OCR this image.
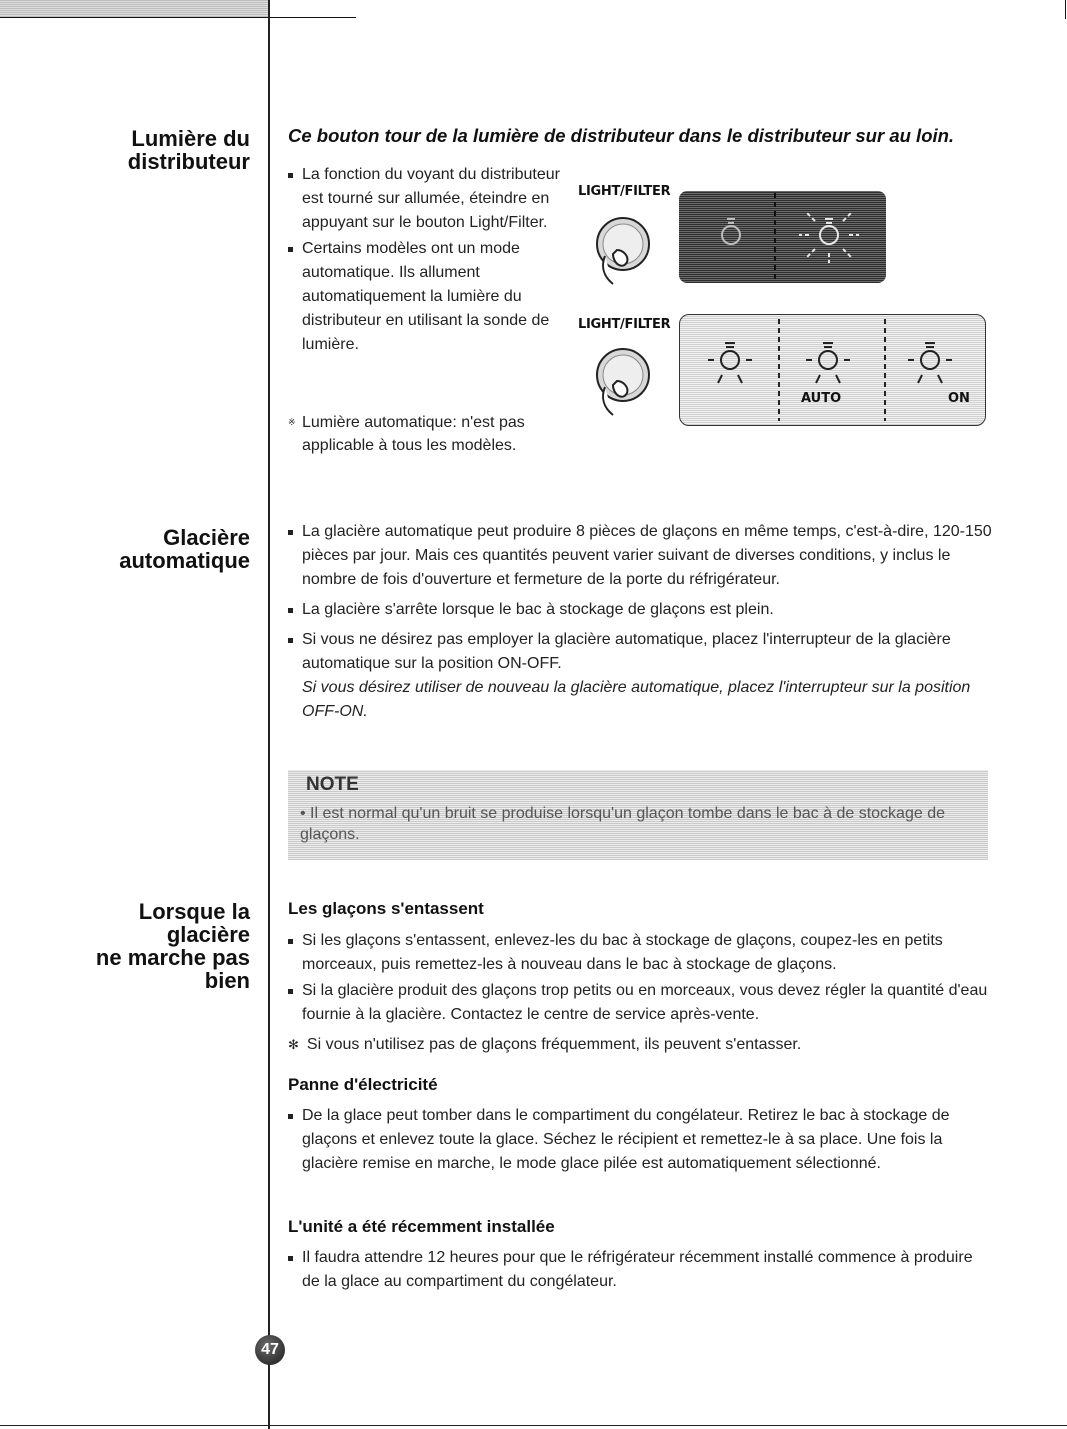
Lumière du
distributeur
Ce bouton tour de la lumière de distributeur dans le distributeur sur au loin.
La fonction du voyant du distributeur est tourné sur allumée, éteindre en appuyant sur le bouton Light/Filter.
Certains modèles ont un mode automatique. Ils allument automatiquement la lumière du distributeur en utilisant la sonde de lumière.
※ Lumière automatique: n'est pas applicable à tous les modèles.
LIGHT/FILTER
LIGHT/FILTER
AUTO	ON
Glacière
automatique
La glacière automatique peut produire 8 pièces de glaçons en même temps, c'est-à-dire, 120-150 pièces par jour. Mais ces quantités peuvent varier suivant de diverses conditions, y inclus le nombre de fois d'ouverture et fermeture de la porte du réfrigérateur.
La glacière s'arrête lorsque le bac à stockage de glaçons est plein.
Si vous ne désirez pas employer la glacière automatique, placez l'interrupteur de la glacière automatique sur la position ON-OFF.
Si vous désirez utiliser de nouveau la glacière automatique, placez l'interrupteur sur la position OFF-ON.
NOTE
• Il est normal qu'un bruit se produise lorsqu'un glaçon tombe dans le bac à de stockage de glaçons.
Lorsque la
glacière
ne marche pas
bien
Les glaçons s'entassent
Si les glaçons s'entassent, enlevez-les du bac à stockage de glaçons, coupez-les en petits morceaux, puis remettez-les à nouveau dans le bac à stockage de glaçons.
Si la glacière produit des glaçons trop petits ou en morceaux, vous devez régler la quantité d'eau fournie à la glacière. Contactez le centre de service après-vente.
✻ Si vous n'utilisez pas de glaçons fréquemment, ils peuvent s'entasser.
Panne d'électricité
De la glace peut tomber dans le compartiment du congélateur. Retirez le bac à stockage de glaçons et enlevez toute la glace. Séchez le récipient et remettez-le à sa place. Une fois la glacière remise en marche, le mode glace pilée est automatiquement sélectionné.
L'unité a été récemment installée
Il faudra attendre 12 heures pour que le réfrigérateur récemment installé commence à produire de la glace au compartiment du congélateur.
47
